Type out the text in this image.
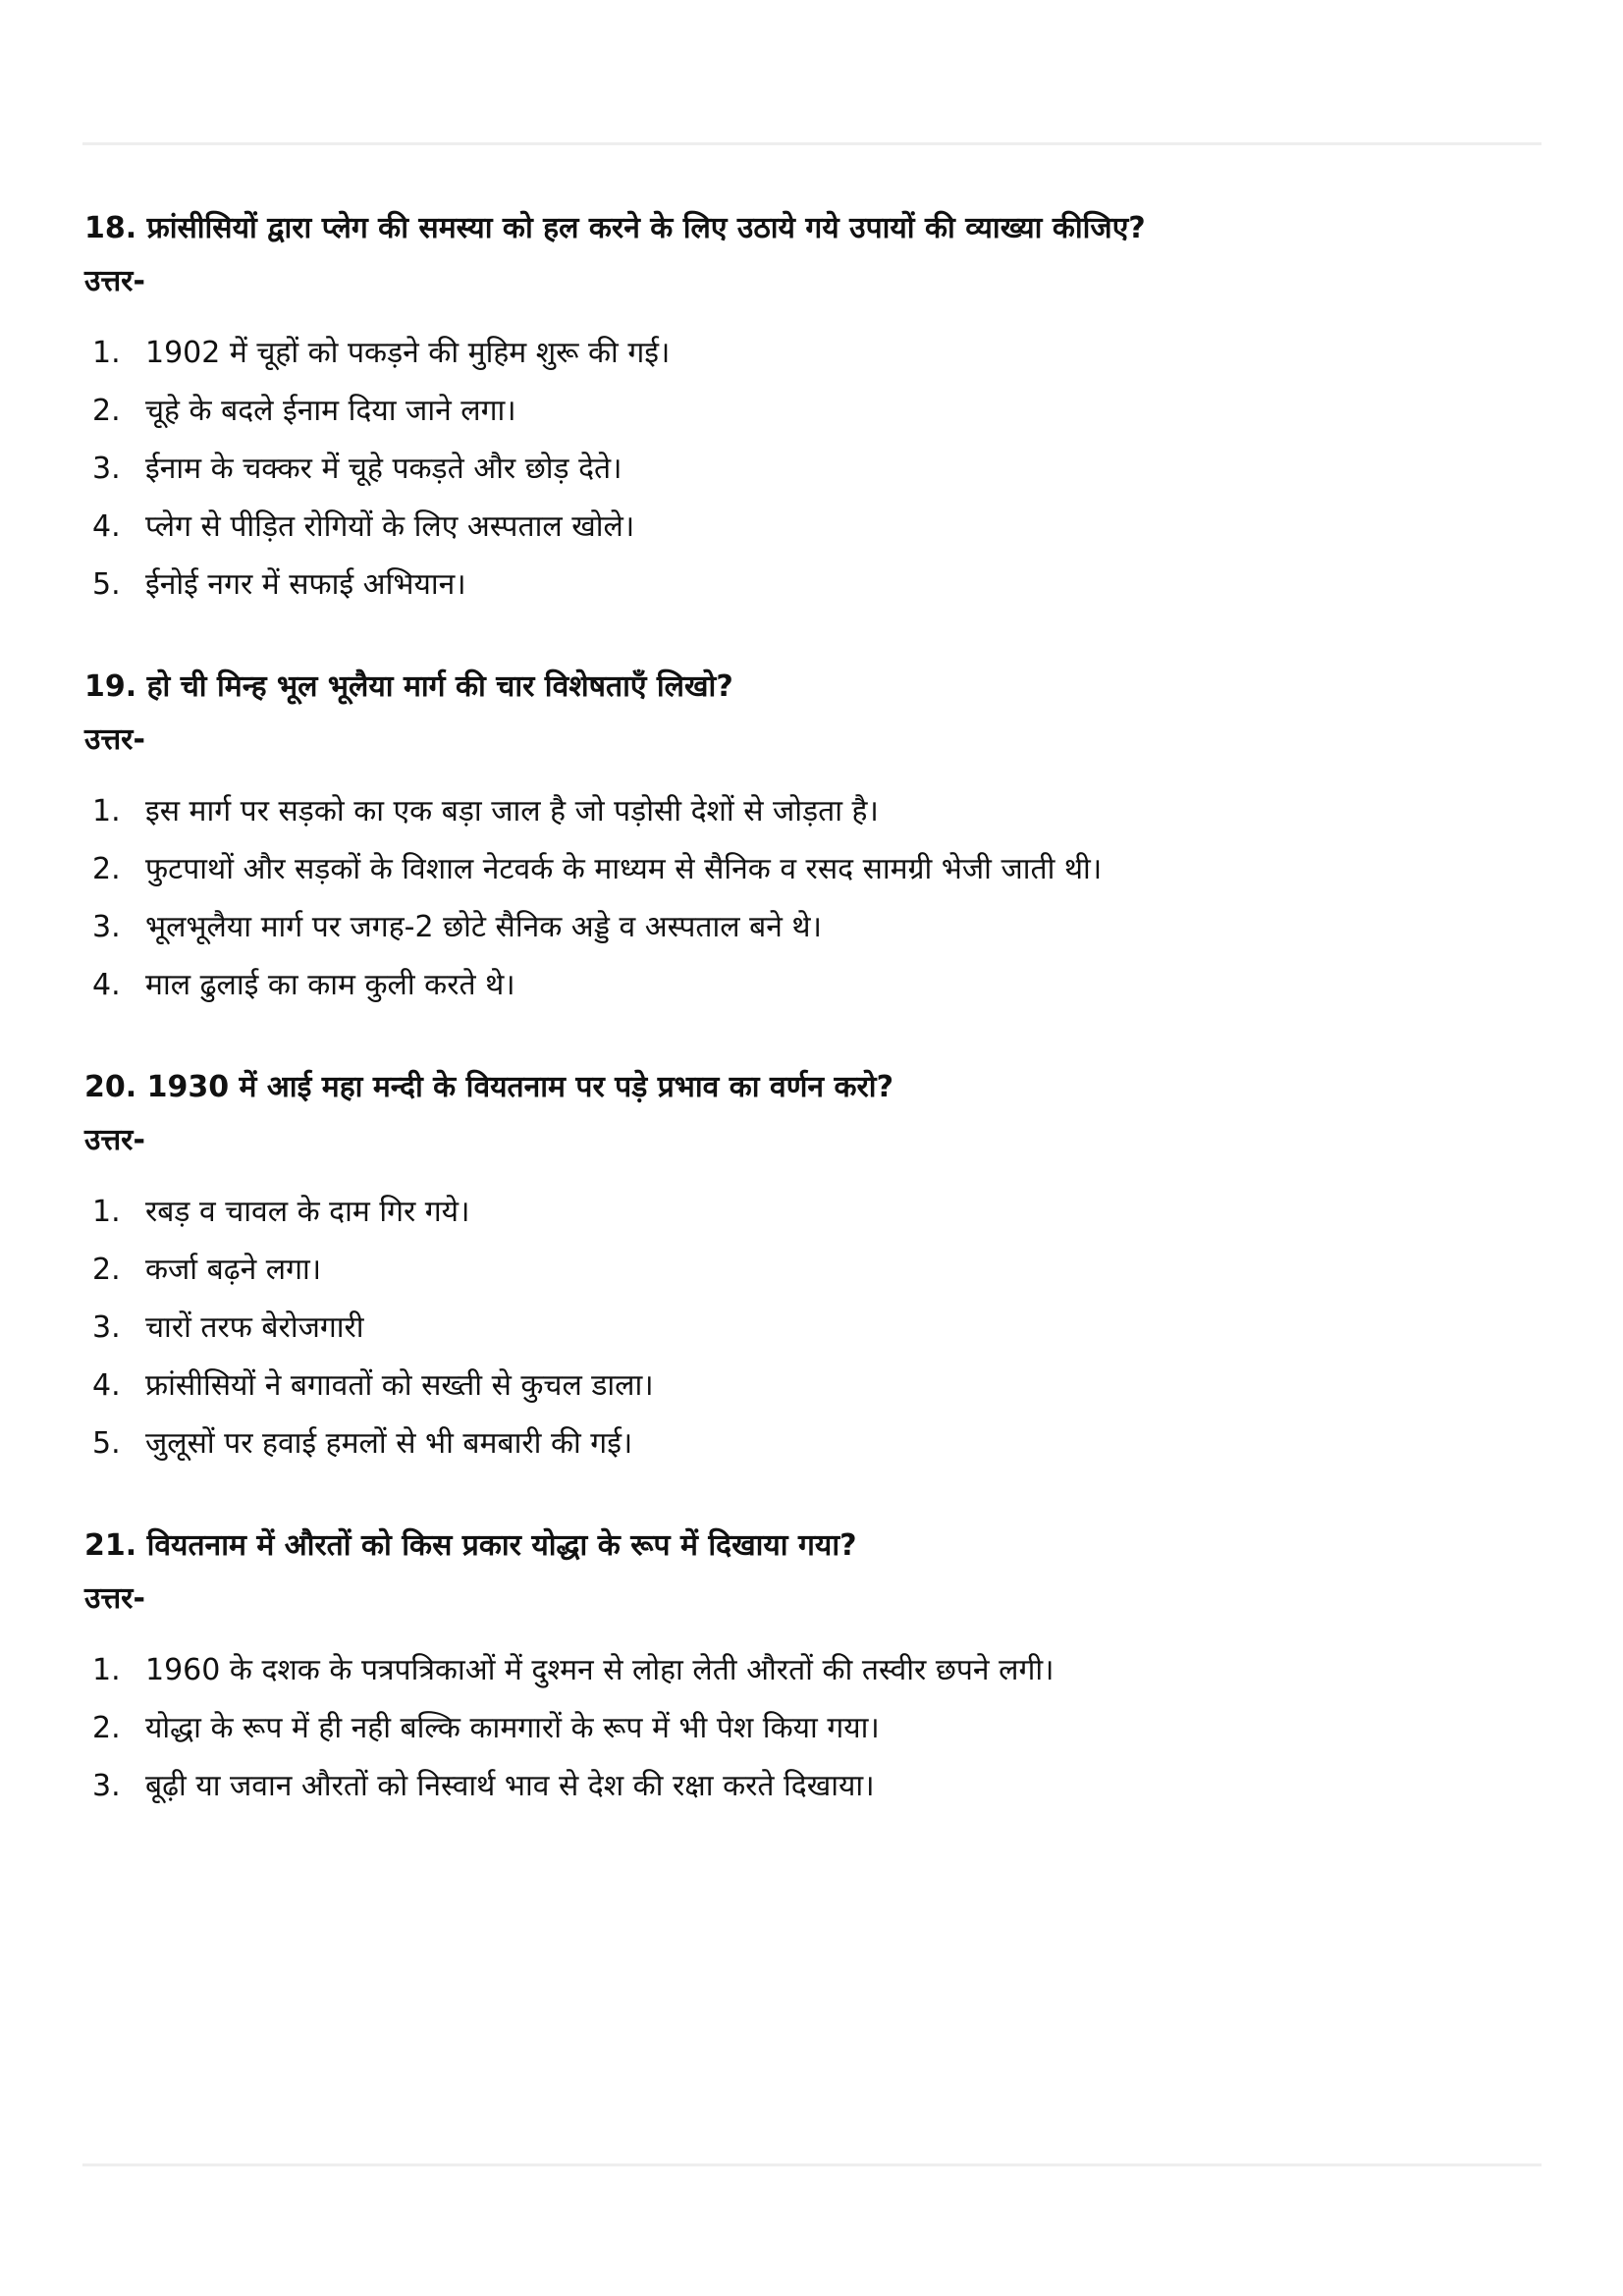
18. फ्रांसीसियों द्वारा प्लेग की समस्या को हल करने के लिए उठाये गये उपायों की व्याख्या कीजिए?

उत्तर-

1. 1902 में चूहों को पकड़ने की मुहिम शुरू की गई।
2. चूहे के बदले ईनाम दिया जाने लगा।
3. ईनाम के चक्कर में चूहे पकड़ते और छोड़ देते।
4. प्लेग से पीड़ित रोगियों के लिए अस्पताल खोले।
5. ईनोई नगर में सफाई अभियान।

19. हो ची मिन्ह भूल भूलैया मार्ग की चार विशेषताएँ लिखो?

उत्तर-

1. इस मार्ग पर सड़को का एक बड़ा जाल है जो पड़ोसी देशों से जोड़ता है।
2. फुटपाथों और सड़कों के विशाल नेटवर्क के माध्यम से सैनिक व रसद सामग्री भेजी जाती थी।
3. भूलभूलैया मार्ग पर जगह-2 छोटे सैनिक अड्डे व अस्पताल बने थे।
4. माल ढुलाई का काम कुली करते थे।

20. 1930 में आई महा मन्दी के वियतनाम पर पड़े प्रभाव का वर्णन करो?

उत्तर-

1. रबड़ व चावल के दाम गिर गये।
2. कर्जा बढ़ने लगा।
3. चारों तरफ बेरोजगारी
4. फ्रांसीसियों ने बगावतों को सख्ती से कुचल डाला।
5. जुलूसों पर हवाई हमलों से भी बमबारी की गई।

21. वियतनाम में औरतों को किस प्रकार योद्धा के रूप में दिखाया गया?

उत्तर-

1. 1960 के दशक के पत्रपत्रिकाओं में दुश्मन से लोहा लेती औरतों की तस्वीर छपने लगी।
2. योद्धा के रूप में ही नही बल्कि कामगारों के रूप में भी पेश किया गया।
3. बूढ़ी या जवान औरतों को निस्वार्थ भाव से देश की रक्षा करते दिखाया।
